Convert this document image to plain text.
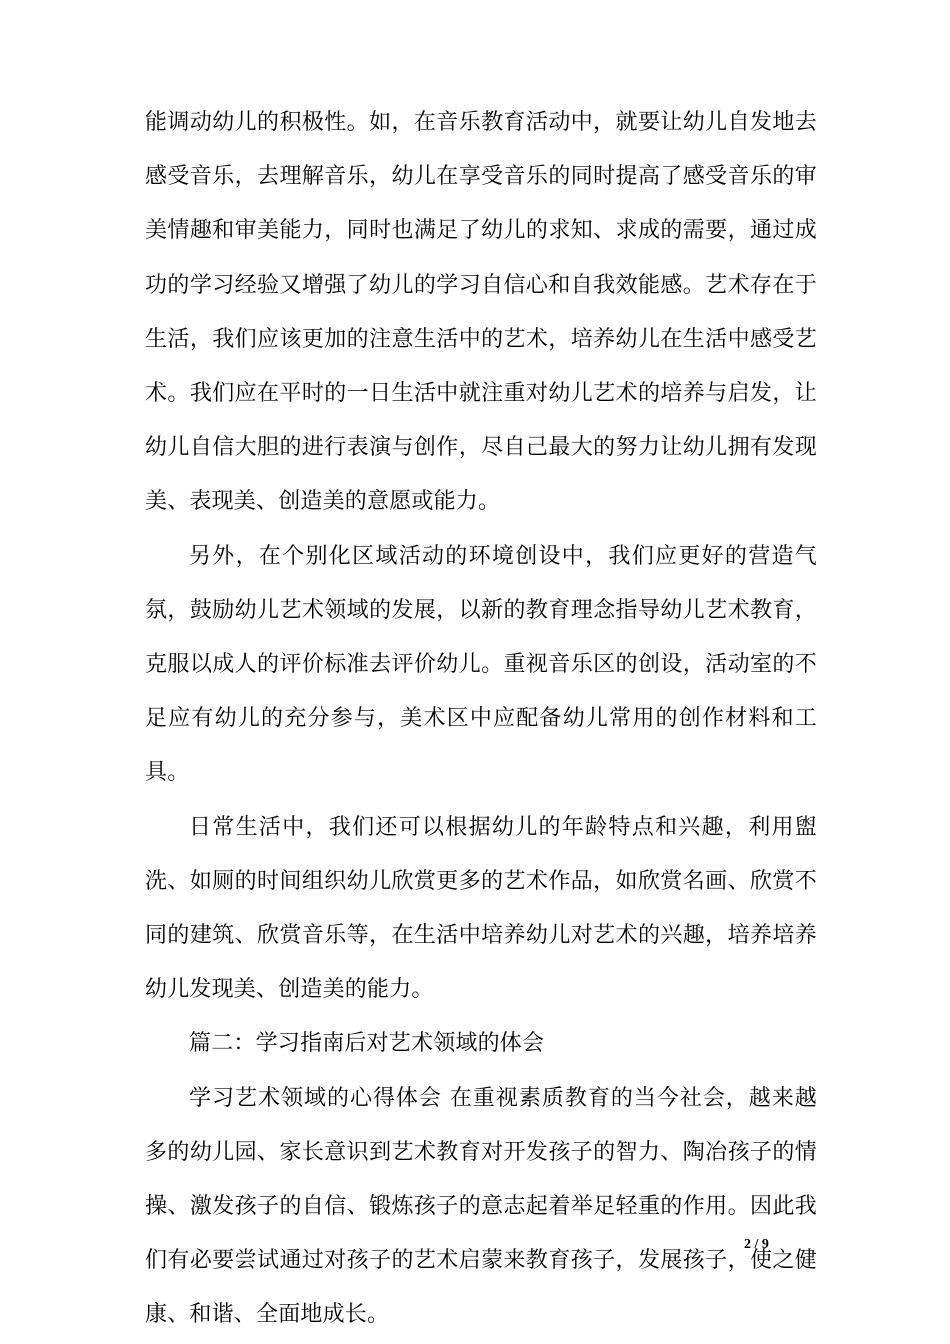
能调动幼儿的积极性。如，在音乐教育活动中，就要让幼儿自发地去感受音乐，去理解音乐，幼儿在享受音乐的同时提高了感受音乐的审美情趣和审美能力，同时也满足了幼儿的求知、求成的需要，通过成功的学习经验又增强了幼儿的学习自信心和自我效能感。艺术存在于生活，我们应该更加的注意生活中的艺术，培养幼儿在生活中感受艺术。我们应在平时的一日生活中就注重对幼儿艺术的培养与启发，让幼儿自信大胆的进行表演与创作，尽自己最大的努力让幼儿拥有发现美、表现美、创造美的意愿或能力。

另外，在个别化区域活动的环境创设中，我们应更好的营造气氛，鼓励幼儿艺术领域的发展，以新的教育理念指导幼儿艺术教育，克服以成人的评价标准去评价幼儿。重视音乐区的创设，活动室的不足应有幼儿的充分参与，美术区中应配备幼儿常用的创作材料和工具。

日常生活中，我们还可以根据幼儿的年龄特点和兴趣，利用盥洗、如厕的时间组织幼儿欣赏更多的艺术作品，如欣赏名画、欣赏不同的建筑、欣赏音乐等，在生活中培养幼儿对艺术的兴趣，培养培养幼儿发现美、创造美的能力。

篇二：学习指南后对艺术领域的体会

学习艺术领域的心得体会 在重视素质教育的当今社会，越来越多的幼儿园、家长意识到艺术教育对开发孩子的智力、陶冶孩子的情操、激发孩子的自信、锻炼孩子的意志起着举足轻重的作用。因此我们有必要尝试通过对孩子的艺术启蒙来教育孩子，发展孩子，使之健康、和谐、全面地成长。

2 / 9
